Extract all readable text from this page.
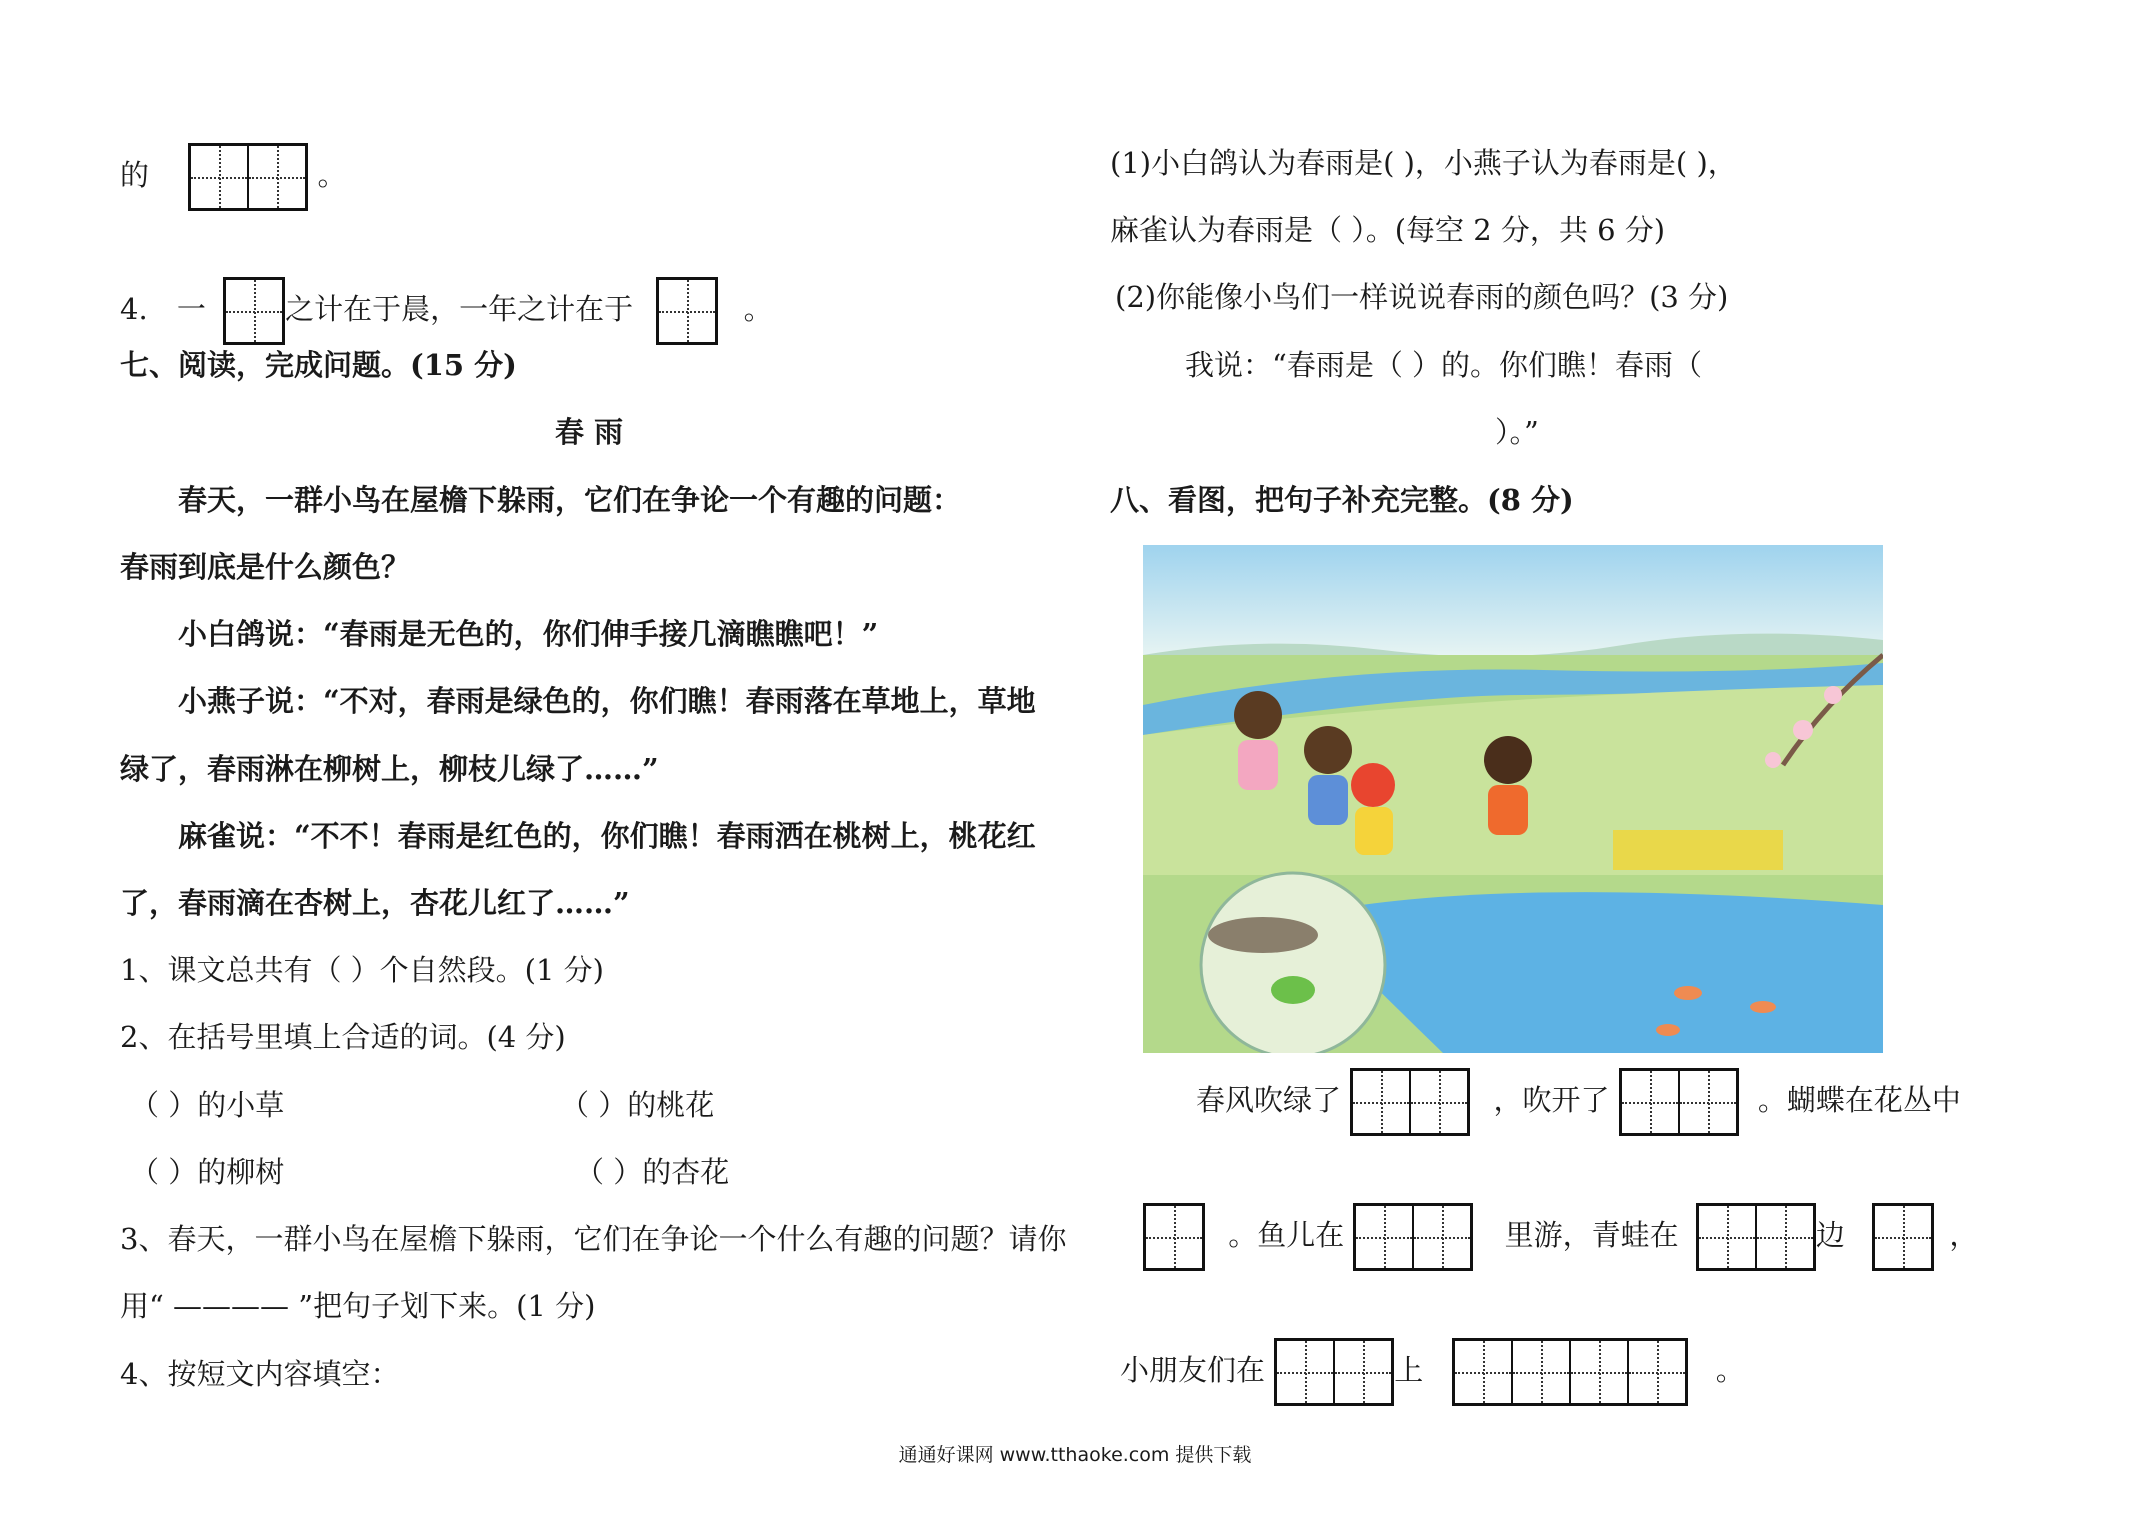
的	。
4. 一	之计在于晨，一年之计在于	。
七、阅读，完成问题。(15 分)
春 雨
春天，一群小鸟在屋檐下躲雨，它们在争论一个有趣的问题：
春雨到底是什么颜色？
小白鸽说：“春雨是无色的，你们伸手接几滴瞧瞧吧！”
小燕子说：“不对，春雨是绿色的，你们瞧！春雨落在草地上，草地
绿了，春雨淋在柳树上，柳枝儿绿了……”
麻雀说：“不不！春雨是红色的，你们瞧！春雨洒在桃树上，桃花红
了，春雨滴在杏树上，杏花儿红了……”
1、课文总共有（ ）个自然段。(1 分)
2、在括号里填上合适的词。(4 分)
（ ）的小草	（ ）的桃花
（ ）的柳树	（ ）的杏花
3、春天，一群小鸟在屋檐下躲雨，它们在争论一个什么有趣的问题？请你
用“ ———— ”把句子划下来。(1 分)
4、按短文内容填空：
(1)小白鸽认为春雨是( )，小燕子认为春雨是( )，
麻雀认为春雨是（ ）。(每空 2 分，共 6 分)
(2)你能像小鸟们一样说说春雨的颜色吗？(3 分)
我说：“春雨是（ ）的。你们瞧！春雨（
）。”
八、看图，把句子补充完整。(8 分)
春风吹绿了	，吹开了	。蝴蝶在花丛中
。鱼儿在	里游，青蛙在	边	，
小朋友们在	上	。
通通好课网 www.tthaoke.com 提供下载
